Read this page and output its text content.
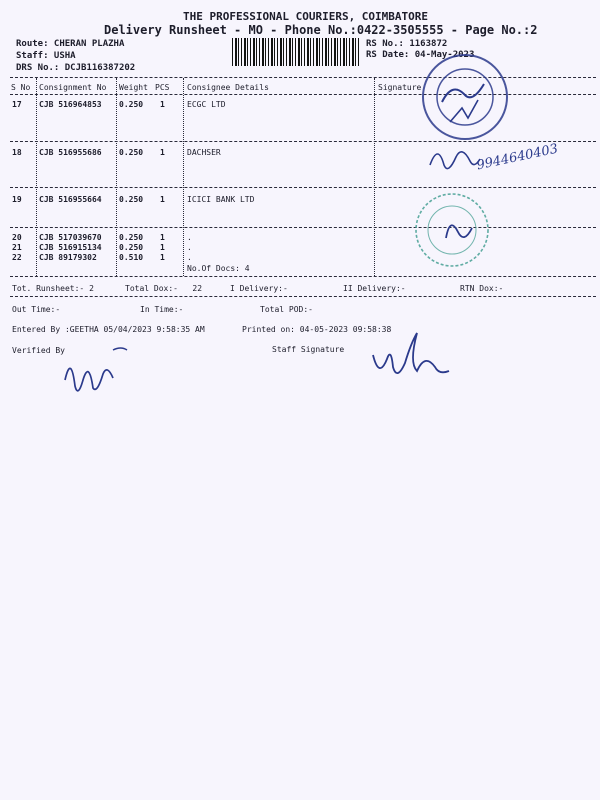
THE PROFESSIONAL COURIERS, COIMBATORE
Delivery Runsheet - MO - Phone No.:0422-3505555 - Page No.:2
Route: CHERAN PLAZHA
Staff: USHA
DRS No.: DCJB116387202
RS No.: 1163872
RS Date: 04-May-2023
S No Consignment No Weight PCS Consignee Details	Signature
17 CJB 516964853 0.250 1	ECGC LTD
18 CJB 516955686 0.250 1	DACHSER
19 CJB 516955664 0.250 1	ICICI BANK LTD
20 CJB 517039670 0.250 1	.
21 CJB 516915134 0.250 1	.
22 CJB 89179302	0.510 1	.
No.Of Docs: 4
Tot. Runsheet:- 2	Total Dox:-   22	I Delivery:-	II Delivery:-	RTN Dox:-
Out Time:-	In Time:-	Total POD:-
Entered By :GEETHA 05/04/2023 9:58:35 AM	Printed on: 04-05-2023 09:58:38
Verified By	Staff Signature
9944640403
